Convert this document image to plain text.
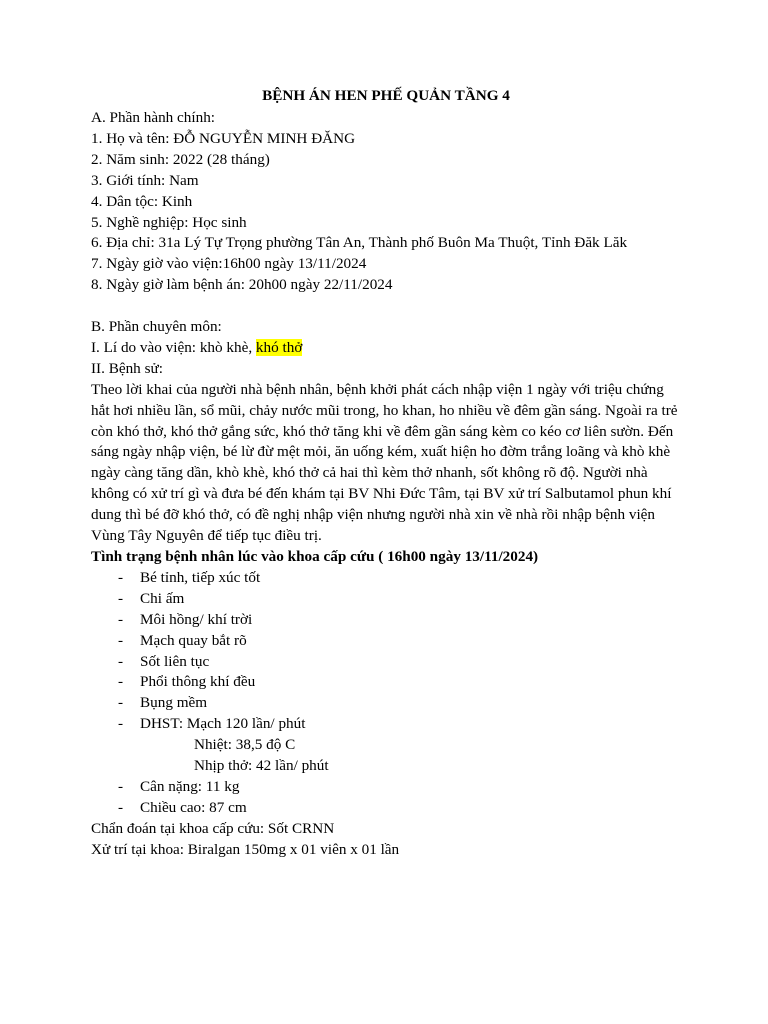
BỆNH ÁN HEN PHẾ QUẢN TẦNG 4

A. Phần hành chính:

1. Họ và tên: ĐỖ NGUYỄN MINH ĐĂNG

2. Năm sinh: 2022 (28 tháng)

3. Giới tính: Nam

4. Dân tộc: Kinh

5. Nghề nghiệp: Học sinh

6. Địa chỉ: 31a Lý Tự Trọng phường Tân An, Thành phố Buôn Ma Thuột, Tỉnh Đăk Lăk

7. Ngày giờ vào viện:16h00 ngày 13/11/2024

8. Ngày giờ làm bệnh án: 20h00 ngày 22/11/2024

B. Phần chuyên môn:

I. Lí do vào viện: khò khè, khó thở

II. Bệnh sử:

Theo lời khai của người nhà bệnh nhân, bệnh khởi phát cách nhập viện 1 ngày với triệu chứng hắt hơi nhiều lần, sổ mũi, chảy nước mũi trong, ho khan, ho nhiều về đêm gần sáng. Ngoài ra trẻ còn khó thở, khó thở gắng sức, khó thở tăng khi về đêm gần sáng kèm co kéo cơ liên sườn. Đến sáng ngày nhập viện, bé lừ đừ mệt mỏi, ăn uống kém, xuất hiện ho đờm trắng loãng và khò khè ngày càng tăng dần, khò khè, khó thở cả hai thì kèm thở nhanh, sốt không rõ độ. Người nhà không có xử trí gì và đưa bé đến khám tại BV Nhi Đức Tâm, tại BV xử trí Salbutamol phun khí dung thì bé đỡ khó thở, có đề nghị nhập viện nhưng người nhà xin về nhà rồi nhập bệnh viện Vùng Tây Nguyên để tiếp tục điều trị.

Tình trạng bệnh nhân lúc vào khoa cấp cứu ( 16h00 ngày 13/11/2024)

- Bé tỉnh, tiếp xúc tốt
- Chi ấm
- Môi hồng/ khí trời
- Mạch quay bắt rõ
- Sốt liên tục
- Phổi thông khí đều
- Bụng mềm
- DHST: Mạch 120 lần/ phút
Nhiệt: 38,5 độ C
Nhịp thở: 42 lần/ phút
- Cân nặng: 11 kg
- Chiều cao: 87 cm

Chẩn đoán tại khoa cấp cứu: Sốt CRNN

Xử trí tại khoa: Biralgan 150mg x 01 viên x 01 lần
